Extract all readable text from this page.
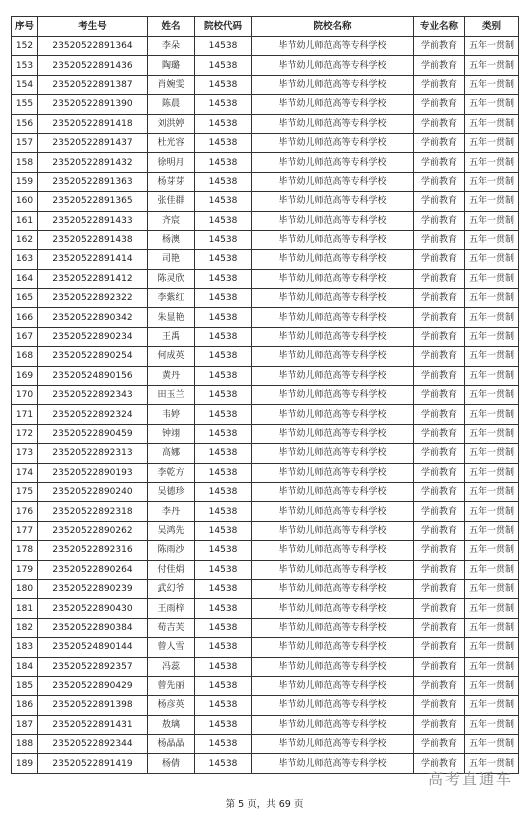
序号	考生号	姓名	院校代码	院校名称	专业名称	类别
152	23520522891364	李朵	14538	毕节幼儿师范高等专科学校	学前教育	五年一贯制
153	23520522891436	陶璐	14538	毕节幼儿师范高等专科学校	学前教育	五年一贯制
154	23520522891387	肖婉雯	14538	毕节幼儿师范高等专科学校	学前教育	五年一贯制
155	23520522891390	陈晨	14538	毕节幼儿师范高等专科学校	学前教育	五年一贯制
156	23520522891418	刘洪婷	14538	毕节幼儿师范高等专科学校	学前教育	五年一贯制
157	23520522891437	杜光容	14538	毕节幼儿师范高等专科学校	学前教育	五年一贯制
158	23520522891432	徐明月	14538	毕节幼儿师范高等专科学校	学前教育	五年一贯制
159	23520522891363	杨芽芽	14538	毕节幼儿师范高等专科学校	学前教育	五年一贯制
160	23520522891365	张佳群	14538	毕节幼儿师范高等专科学校	学前教育	五年一贯制
161	23520522891433	齐宸	14538	毕节幼儿师范高等专科学校	学前教育	五年一贯制
162	23520522891438	杨澳	14538	毕节幼儿师范高等专科学校	学前教育	五年一贯制
163	23520522891414	司艳	14538	毕节幼儿师范高等专科学校	学前教育	五年一贯制
164	23520522891412	陈灵欣	14538	毕节幼儿师范高等专科学校	学前教育	五年一贯制
165	23520522892322	李紫红	14538	毕节幼儿师范高等专科学校	学前教育	五年一贯制
166	23520522890342	朱显艳	14538	毕节幼儿师范高等专科学校	学前教育	五年一贯制
167	23520522890234	王禹	14538	毕节幼儿师范高等专科学校	学前教育	五年一贯制
168	23520522890254	何成英	14538	毕节幼儿师范高等专科学校	学前教育	五年一贯制
169	23520524890156	黄丹	14538	毕节幼儿师范高等专科学校	学前教育	五年一贯制
170	23520522892343	田玉兰	14538	毕节幼儿师范高等专科学校	学前教育	五年一贯制
171	23520522892324	韦婷	14538	毕节幼儿师范高等专科学校	学前教育	五年一贯制
172	23520522890459	钟翊	14538	毕节幼儿师范高等专科学校	学前教育	五年一贯制
173	23520522892313	高娜	14538	毕节幼儿师范高等专科学校	学前教育	五年一贯制
174	23520522890193	李乾方	14538	毕节幼儿师范高等专科学校	学前教育	五年一贯制
175	23520522890240	吴德珍	14538	毕节幼儿师范高等专科学校	学前教育	五年一贯制
176	23520522892318	李丹	14538	毕节幼儿师范高等专科学校	学前教育	五年一贯制
177	23520522890262	吴鸿先	14538	毕节幼儿师范高等专科学校	学前教育	五年一贯制
178	23520522892316	陈雨沙	14538	毕节幼儿师范高等专科学校	学前教育	五年一贯制
179	23520522890264	付佳焆	14538	毕节幼儿师范高等专科学校	学前教育	五年一贯制
180	23520522890239	武幻爷	14538	毕节幼儿师范高等专科学校	学前教育	五年一贯制
181	23520522890430	王雨梓	14538	毕节幼儿师范高等专科学校	学前教育	五年一贯制
182	23520522890384	荀吉芙	14538	毕节幼儿师范高等专科学校	学前教育	五年一贯制
183	23520524890144	曾人雪	14538	毕节幼儿师范高等专科学校	学前教育	五年一贯制
184	23520522892357	冯蕊	14538	毕节幼儿师范高等专科学校	学前教育	五年一贯制
185	23520522890429	曾先丽	14538	毕节幼儿师范高等专科学校	学前教育	五年一贯制
186	23520522891398	杨彦英	14538	毕节幼儿师范高等专科学校	学前教育	五年一贯制
187	23520522891431	敖璃	14538	毕节幼儿师范高等专科学校	学前教育	五年一贯制
188	23520522892344	杨晶晶	14538	毕节幼儿师范高等专科学校	学前教育	五年一贯制
189	23520522891419	杨倩	14538	毕节幼儿师范高等专科学校	学前教育	五年一贯制
第 5 页，共 69 页
高考直通车
